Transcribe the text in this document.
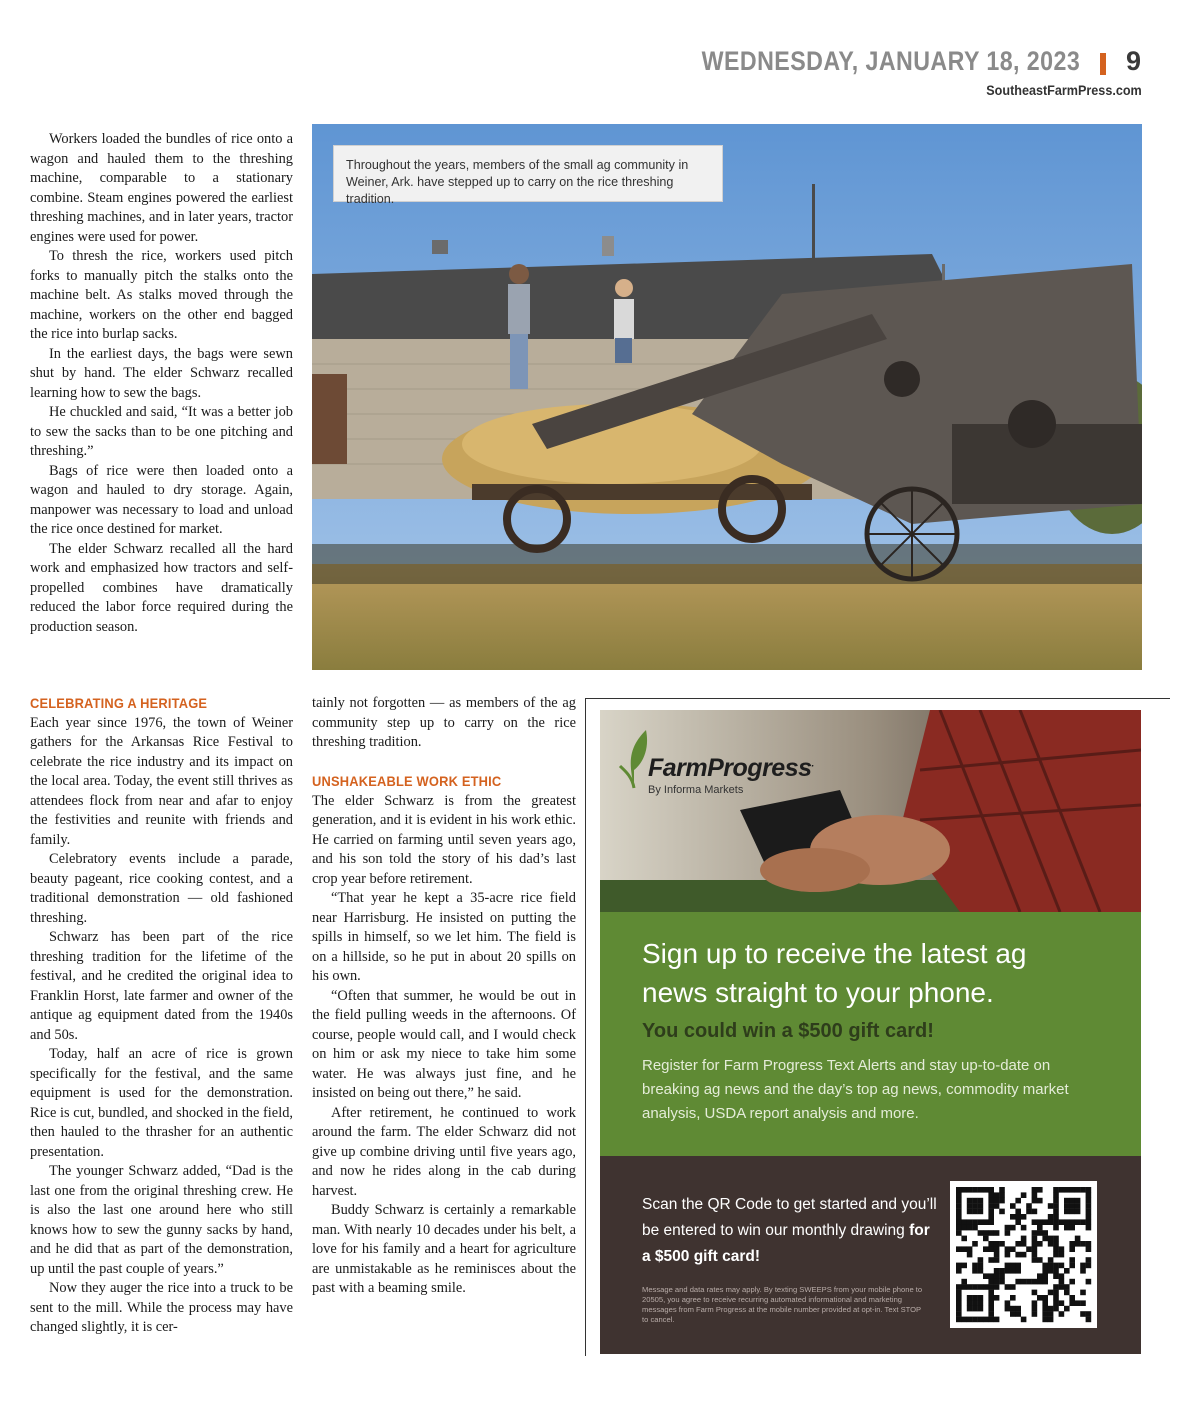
WEDNESDAY, JANUARY 18, 2023 9
SoutheastFarmPress.com

Workers loaded the bundles of rice onto a wagon and hauled them to the threshing machine, comparable to a stationary combine. Steam engines powered the earliest threshing machines, and in later years, tractor engines were used for power.

To thresh the rice, workers used pitch forks to manually pitch the stalks onto the machine belt. As stalks moved through the machine, workers on the other end bagged the rice into burlap sacks.

In the earliest days, the bags were sewn shut by hand. The elder Schwarz recalled learning how to sew the bags.

He chuckled and said, “It was a better job to sew the sacks than to be one pitching and threshing.”

Bags of rice were then loaded onto a wagon and hauled to dry storage. Again, manpower was necessary to load and unload the rice once destined for market.

The elder Schwarz recalled all the hard work and emphasized how tractors and self-propelled combines have dramatically reduced the labor force required during the production season.

Throughout the years, members of the small ag community in Weiner, Ark. have stepped up to carry on the rice threshing tradition.
CELEBRATING A HERITAGE

Each year since 1976, the town of Weiner gathers for the Arkansas Rice Festival to celebrate the rice industry and its impact on the local area. Today, the event still thrives as attendees flock from near and afar to enjoy the festivities and reunite with friends and family.

Celebratory events include a parade, beauty pageant, rice cooking contest, and a traditional demonstration — old fashioned threshing.

Schwarz has been part of the rice threshing tradition for the lifetime of the festival, and he credited the original idea to Franklin Horst, late farmer and owner of the antique ag equipment dated from the 1940s and 50s.

Today, half an acre of rice is grown specifically for the festival, and the same equipment is used for the demonstration. Rice is cut, bundled, and shocked in the field, then hauled to the thrasher for an authentic presentation.

The younger Schwarz added, “Dad is the last one from the original threshing crew. He is also the last one around here who still knows how to sew the gunny sacks by hand, and he did that as part of the demonstration, up until the past couple of years.”

Now they auger the rice into a truck to be sent to the mill. While the process may have changed slightly, it is cer-

tainly not forgotten — as members of the ag community step up to carry on the rice threshing tradition.

UNSHAKEABLE WORK ETHIC

The elder Schwarz is from the greatest generation, and it is evident in his work ethic. He carried on farming until seven years ago, and his son told the story of his dad’s last crop year before retirement.

“That year he kept a 35-acre rice field near Harrisburg. He insisted on putting the spills in himself, so we let him. The field is on a hillside, so he put in about 20 spills on his own.

“Often that summer, he would be out in the field pulling weeds in the afternoons. Of course, people would call, and I would check on him or ask my niece to take him some water. He was always just fine, and he insisted on being out there,” he said.

After retirement, he continued to work around the farm. The elder Schwarz did not give up combine driving until five years ago, and now he rides along in the cab during harvest.

Buddy Schwarz is certainly a remarkable man. With nearly 10 decades under his belt, a love for his family and a heart for agriculture are unmistakable as he reminisces about the past with a beaming smile.

FarmProgress.
By Informa Markets
Sign up to receive the latest ag news straight to your phone.
You could win a $500 gift card!
Register for Farm Progress Text Alerts and stay up-to-date on breaking ag news and the day’s top ag news, commodity market analysis, USDA report analysis and more.
Scan the QR Code to get started and you’ll be entered to win our monthly drawing for a $500 gift card!
Message and data rates may apply. By texting SWEEPS from your mobile phone to 20505, you agree to receive recurring automated informational and marketing messages from Farm Progress at the mobile number provided at opt-in. Text STOP to cancel.
